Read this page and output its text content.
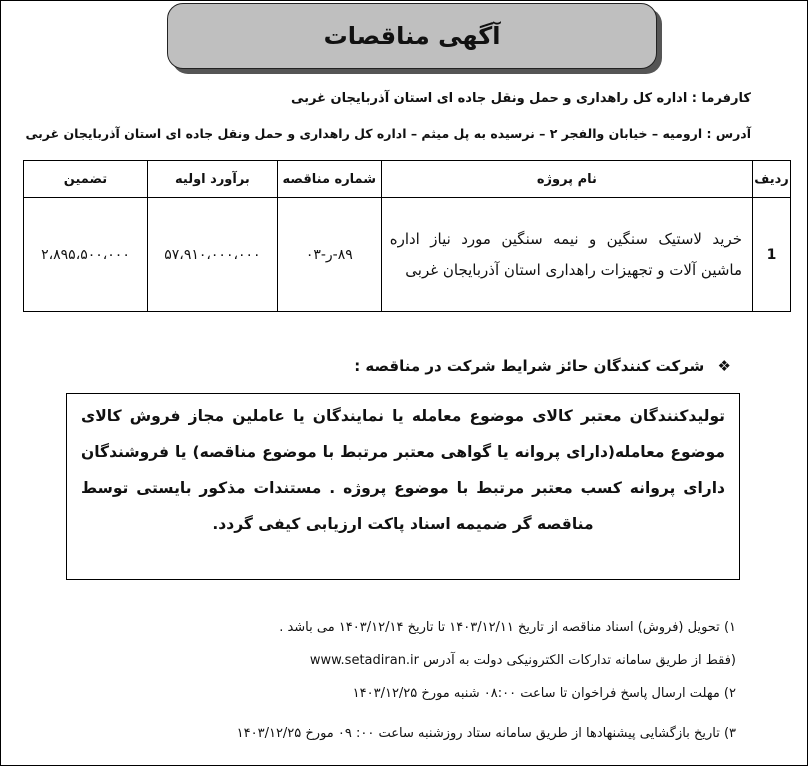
آگهی مناقصات
کارفرما : اداره کل راهداری و حمل ونقل جاده ای استان آذربایجان غربی
آدرس : ارومیه – خیابان والفجر ۲ – نرسیده به پل میثم – اداره کل راهداری و حمل ونقل جاده ای استان آذربایجان غربی
ردیف	نام پروژه	شماره مناقصه	برآورد اولیه	تضمین
1	خرید لاستیک سنگین و نیمه سنگین مورد نیاز اداره ماشین آلات و تجهیزات راهداری استان آذربایجان غربی	۸۹-ر-۰۳	۵۷،۹۱۰،۰۰۰،۰۰۰	۲،۸۹۵،۵۰۰،۰۰۰
❖ شرکت کنندگان حائز شرایط شرکت در مناقصه :
تولیدکنندگان معتبر کالای موضوع معامله یا نمایندگان یا عاملین مجاز فروش کالای موضوع معامله(دارای پروانه یا گواهی معتبر مرتبط با موضوع مناقصه) یا فروشندگان دارای پروانه کسب معتبر مرتبط با موضوع پروژه . مستندات مذکور بایستی توسط مناقصه گر ضمیمه اسناد پاکت ارزیابی کیفی گردد.
۱) تحویل (فروش) اسناد مناقصه از تاریخ ۱۴۰۳/۱۲/۱۱ تا تاریخ ۱۴۰۳/۱۲/۱۴ می باشد .
(فقط از طریق سامانه تدارکات الکترونیکی دولت به آدرس www.setadiran.ir
۲) مهلت ارسال پاسخ فراخوان تا ساعت ۰۸:۰۰ شنبه مورخ ۱۴۰۳/۱۲/۲۵
۳) تاریخ بازگشایی پیشنهادها از طریق سامانه ستاد روزشنبه ساعت ۰۰: ۰۹ مورخ ۱۴۰۳/۱۲/۲۵
